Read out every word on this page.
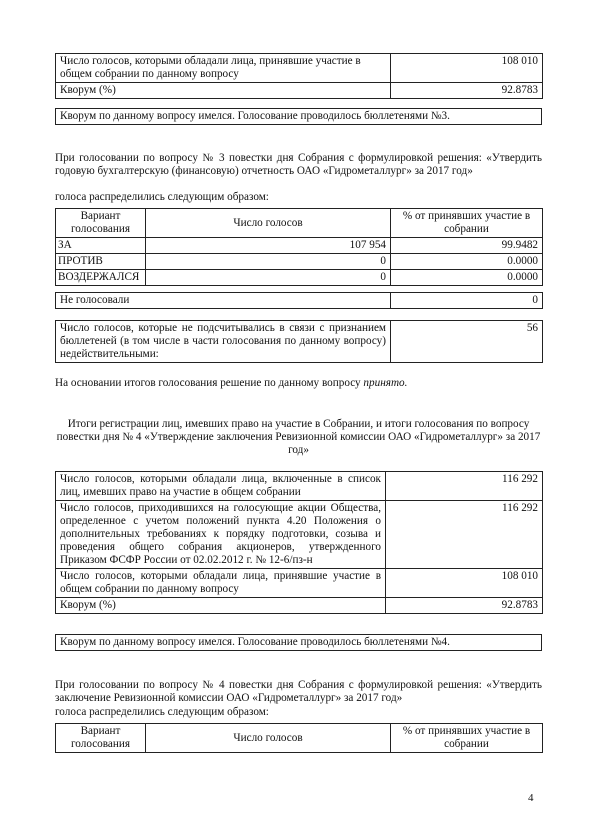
Число голосов, которыми обладали лица, принявшие участие в общем собрании по данному вопросу	108 010
Кворум (%)	92.8783
Кворум по данному вопросу имелся. Голосование проводилось бюллетенями №3.
При голосовании по вопросу № 3 повестки дня Собрания с формулировкой решения: «Утвердить годовую бухгалтерскую (финансовую) отчетность ОАО «Гидрометаллург» за 2017 год»
голоса распределились следующим образом:
Вариант голосования	Число голосов	% от принявших участие в собрании
ЗА	107 954	99.9482
ПРОТИВ	0	0.0000
ВОЗДЕРЖАЛСЯ	0	0.0000
Не голосовали	0
Число голосов, которые не подсчитывались в связи с признанием бюллетеней (в том числе в части голосования по данному вопросу) недействительными:	56
На основании итогов голосования решение по данному вопросу принято.
Итоги регистрации лиц, имевших право на участие в Собрании, и итоги голосования по вопросу повестки дня № 4 «Утверждение заключения Ревизионной комиссии ОАО «Гидрометаллург» за 2017 год»
Число голосов, которыми обладали лица, включенные в список лиц, имевших право на участие в общем собрании	116 292
Число голосов, приходившихся на голосующие акции Общества, определенное с учетом положений пункта 4.20 Положения о дополнительных требованиях к порядку подготовки, созыва и проведения общего собрания акционеров, утвержденного Приказом ФСФР России от 02.02.2012 г. № 12-6/пз-н	116 292
Число голосов, которыми обладали лица, принявшие участие в общем собрании по данному вопросу	108 010
Кворум (%)	92.8783
Кворум по данному вопросу имелся. Голосование проводилось бюллетенями №4.
При голосовании по вопросу № 4 повестки дня Собрания с формулировкой решения: «Утвердить заключение Ревизионной комиссии ОАО «Гидрометаллург» за 2017 год»
голоса распределились следующим образом:
Вариант голосования	Число голосов	% от принявших участие в собрании
4
